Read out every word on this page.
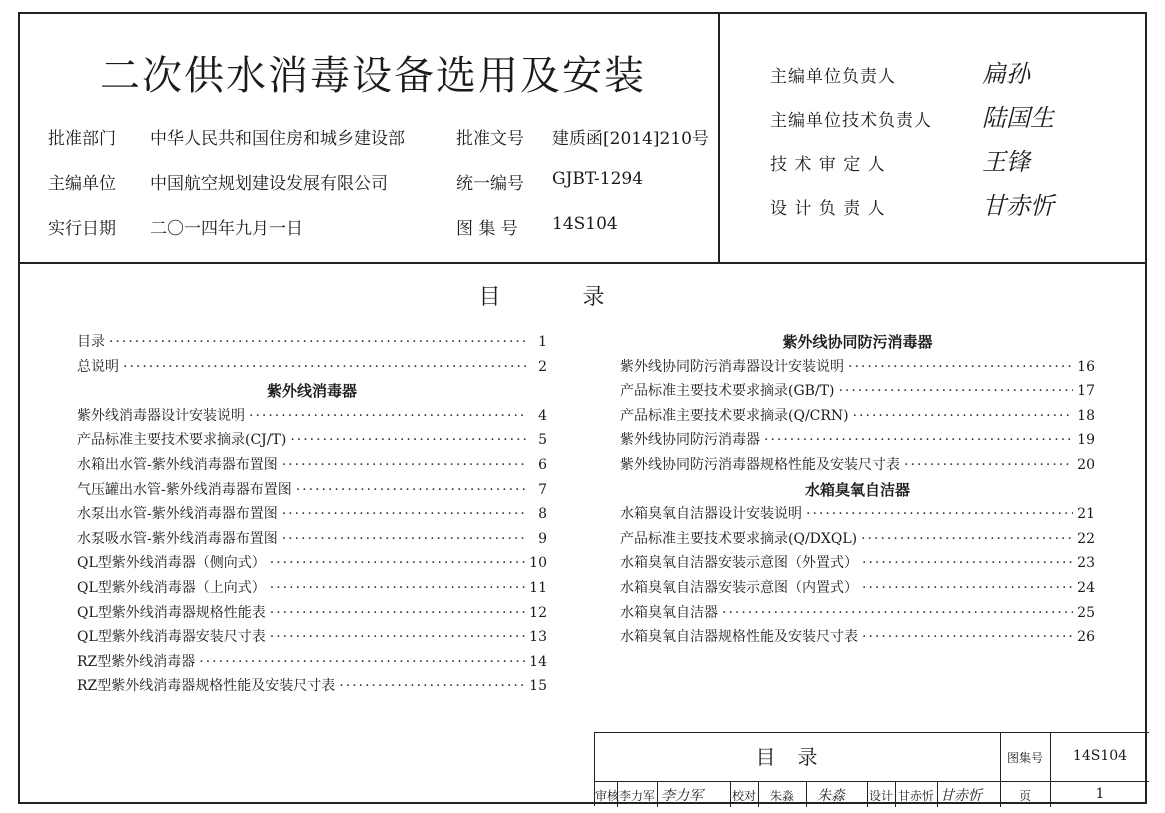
二次供水消毒设备选用及安装
批准部门 中华人民共和国住房和城乡建设部	批准文号 建质函[2014]210号
主编单位 中国航空规划建设发展有限公司	统一编号 GJBT-1294
实行日期 二〇一四年九月一日	图 集 号 14S104
主编单位负责人	扁孙
主编单位技术负责人 陆国生
技 术 审 定 人	王锋
设 计 负 责 人	甘赤忻
目录
目录 ·····	1
总说明 ·····	2
紫外线消毒器
紫外线消毒器设计安装说明 ·····	4
产品标准主要技术要求摘录(CJ/T) ·····	5
水箱出水管-紫外线消毒器布置图 ·····	6
气压罐出水管-紫外线消毒器布置图 ·····	7
水泵出水管-紫外线消毒器布置图 ·····	8
水泵吸水管-紫外线消毒器布置图 ·····	9
QL型紫外线消毒器（侧向式） ·····	10
QL型紫外线消毒器（上向式） ·····	11
QL型紫外线消毒器规格性能表 ·····	12
QL型紫外线消毒器安装尺寸表 ·····	13
RZ型紫外线消毒器 ·····	14
RZ型紫外线消毒器规格性能及安装尺寸表 ·····	15
紫外线协同防污消毒器
紫外线协同防污消毒器设计安装说明 ·····	16
产品标准主要技术要求摘录(GB/T) ·····	17
产品标准主要技术要求摘录(Q/CRN) ·····	18
紫外线协同防污消毒器 ·····	19
紫外线协同防污消毒器规格性能及安装尺寸表 ·····	20
水箱臭氧自洁器
水箱臭氧自洁器设计安装说明 ·····	21
产品标准主要技术要求摘录(Q/DXQL) ·····	22
水箱臭氧自洁器安装示意图（外置式） ·····	23
水箱臭氧自洁器安装示意图（内置式） ·····	24
水箱臭氧自洁器 ·····	25
水箱臭氧自洁器规格性能及安装尺寸表 ·····	26
目录	图集号	14S104
审核 李力军 李力军 校对	朱淼	朱淼 设计 甘赤忻 甘赤忻	页	1
